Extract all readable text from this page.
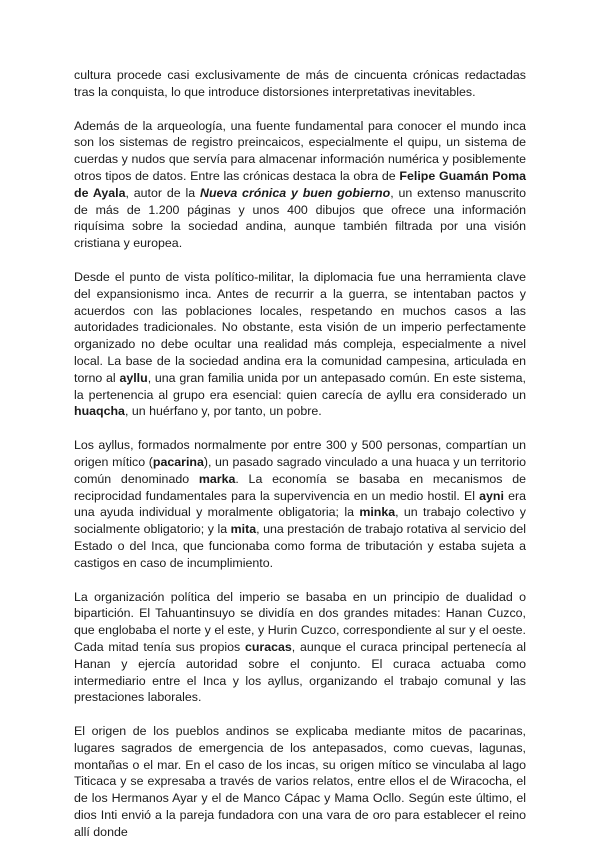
cultura procede casi exclusivamente de más de cincuenta crónicas redactadas tras la conquista, lo que introduce distorsiones interpretativas inevitables.

Además de la arqueología, una fuente fundamental para conocer el mundo inca son los sistemas de registro preincaicos, especialmente el quipu, un sistema de cuerdas y nudos que servía para almacenar información numérica y posiblemente otros tipos de datos. Entre las crónicas destaca la obra de Felipe Guamán Poma de Ayala, autor de la Nueva crónica y buen gobierno, un extenso manuscrito de más de 1.200 páginas y unos 400 dibujos que ofrece una información riquísima sobre la sociedad andina, aunque también filtrada por una visión cristiana y europea.

Desde el punto de vista político-militar, la diplomacia fue una herramienta clave del expansionismo inca. Antes de recurrir a la guerra, se intentaban pactos y acuerdos con las poblaciones locales, respetando en muchos casos a las autoridades tradicionales. No obstante, esta visión de un imperio perfectamente organizado no debe ocultar una realidad más compleja, especialmente a nivel local. La base de la sociedad andina era la comunidad campesina, articulada en torno al ayllu, una gran familia unida por un antepasado común. En este sistema, la pertenencia al grupo era esencial: quien carecía de ayllu era considerado un huaqcha, un huérfano y, por tanto, un pobre.

Los ayllus, formados normalmente por entre 300 y 500 personas, compartían un origen mítico (pacarina), un pasado sagrado vinculado a una huaca y un territorio común denominado marka. La economía se basaba en mecanismos de reciprocidad fundamentales para la supervivencia en un medio hostil. El ayni era una ayuda individual y moralmente obligatoria; la minka, un trabajo colectivo y socialmente obligatorio; y la mita, una prestación de trabajo rotativa al servicio del Estado o del Inca, que funcionaba como forma de tributación y estaba sujeta a castigos en caso de incumplimiento.

La organización política del imperio se basaba en un principio de dualidad o bipartición. El Tahuantinsuyo se dividía en dos grandes mitades: Hanan Cuzco, que englobaba el norte y el este, y Hurin Cuzco, correspondiente al sur y el oeste. Cada mitad tenía sus propios curacas, aunque el curaca principal pertenecía al Hanan y ejercía autoridad sobre el conjunto. El curaca actuaba como intermediario entre el Inca y los ayllus, organizando el trabajo comunal y las prestaciones laborales.

El origen de los pueblos andinos se explicaba mediante mitos de pacarinas, lugares sagrados de emergencia de los antepasados, como cuevas, lagunas, montañas o el mar. En el caso de los incas, su origen mítico se vinculaba al lago Titicaca y se expresaba a través de varios relatos, entre ellos el de Wiracocha, el de los Hermanos Ayar y el de Manco Cápac y Mama Ocllo. Según este último, el dios Inti envió a la pareja fundadora con una vara de oro para establecer el reino allí donde
